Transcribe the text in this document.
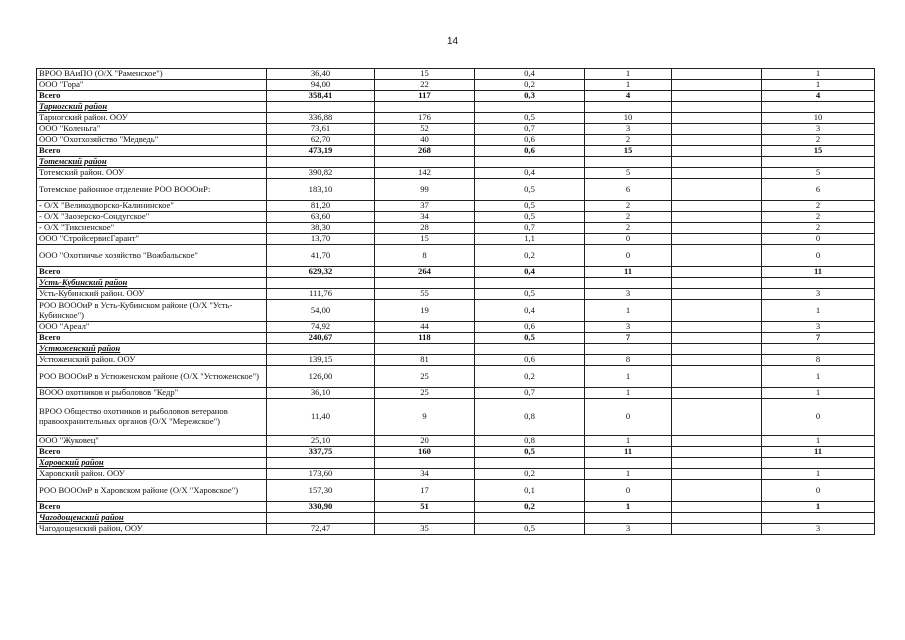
14
ВРОО ВАиПО (О/Х "Раменское")	36,40	15	0,4	1		1
ООО "Гора"	94,00	22	0,2	1		1
Всего	358,41	117	0,3	4		4
Тарногский район						
Тарногский район. ООУ	336,88	176	0,5	10		10
ООО "Коленьга"	73,61	52	0,7	3		3
ООО "Охотхозяйство "Медведь"	62,70	40	0,6	2		2
Всего	473,19	268	0,6	15		15
Тотемский район						
Тотемский район. ООУ	390,82	142	0,4	5		5
Тотемское районное отделение РОО ВОООиР:	183,10	99	0,5	6		6
- О/Х "Великодворско-Калининское"	81,20	37	0,5	2		2
- О/Х "Заозерско-Сондугское"	63,60	34	0,5	2		2
- О/Х "Тиксненское"	38,30	28	0,7	2		2
ООО "СтройсервисГарант"	13,70	15	1,1	0		0
ООО "Охотничье хозяйство "Вожбальское"	41,70	8	0,2	0		0
Всего	629,32	264	0,4	11		11
Усть-Кубинский район						
Усть-Кубинский район. ООУ	111,76	55	0,5	3		3
РОО ВОООиР в Усть-Кубинском районе (О/Х "Усть-Кубинское")	54,00	19	0,4	1		1
ООО "Ареал"	74,92	44	0,6	3		3
Всего	240,67	118	0,5	7		7
Устюженский район						
Устюженский район. ООУ	139,15	81	0,6	8		8
РОО ВОООиР в Устюженском районе (О/Х "Устюженское")	126,00	25	0,2	1		1
ВООО охотников и рыболовов "Кедр"	36,10	25	0,7	1		1
ВРОО Общество охотников и рыболовов ветеранов правоохранительных органов (О/Х "Мережское")	11,40	9	0,8	0		0
ООО "Жуковец"	25,10	20	0,8	1		1
Всего	337,75	160	0,5	11		11
Харовский район						
Харовский район. ООУ	173,60	34	0,2	1		1
РОО ВОООиР в Харовском районе (О/Х "Харовское")	157,30	17	0,1	0		0
Всего	330,90	51	0,2	1		1
Чагодощенский район						
Чагодощенский район, ООУ	72,47	35	0,5	3		3
